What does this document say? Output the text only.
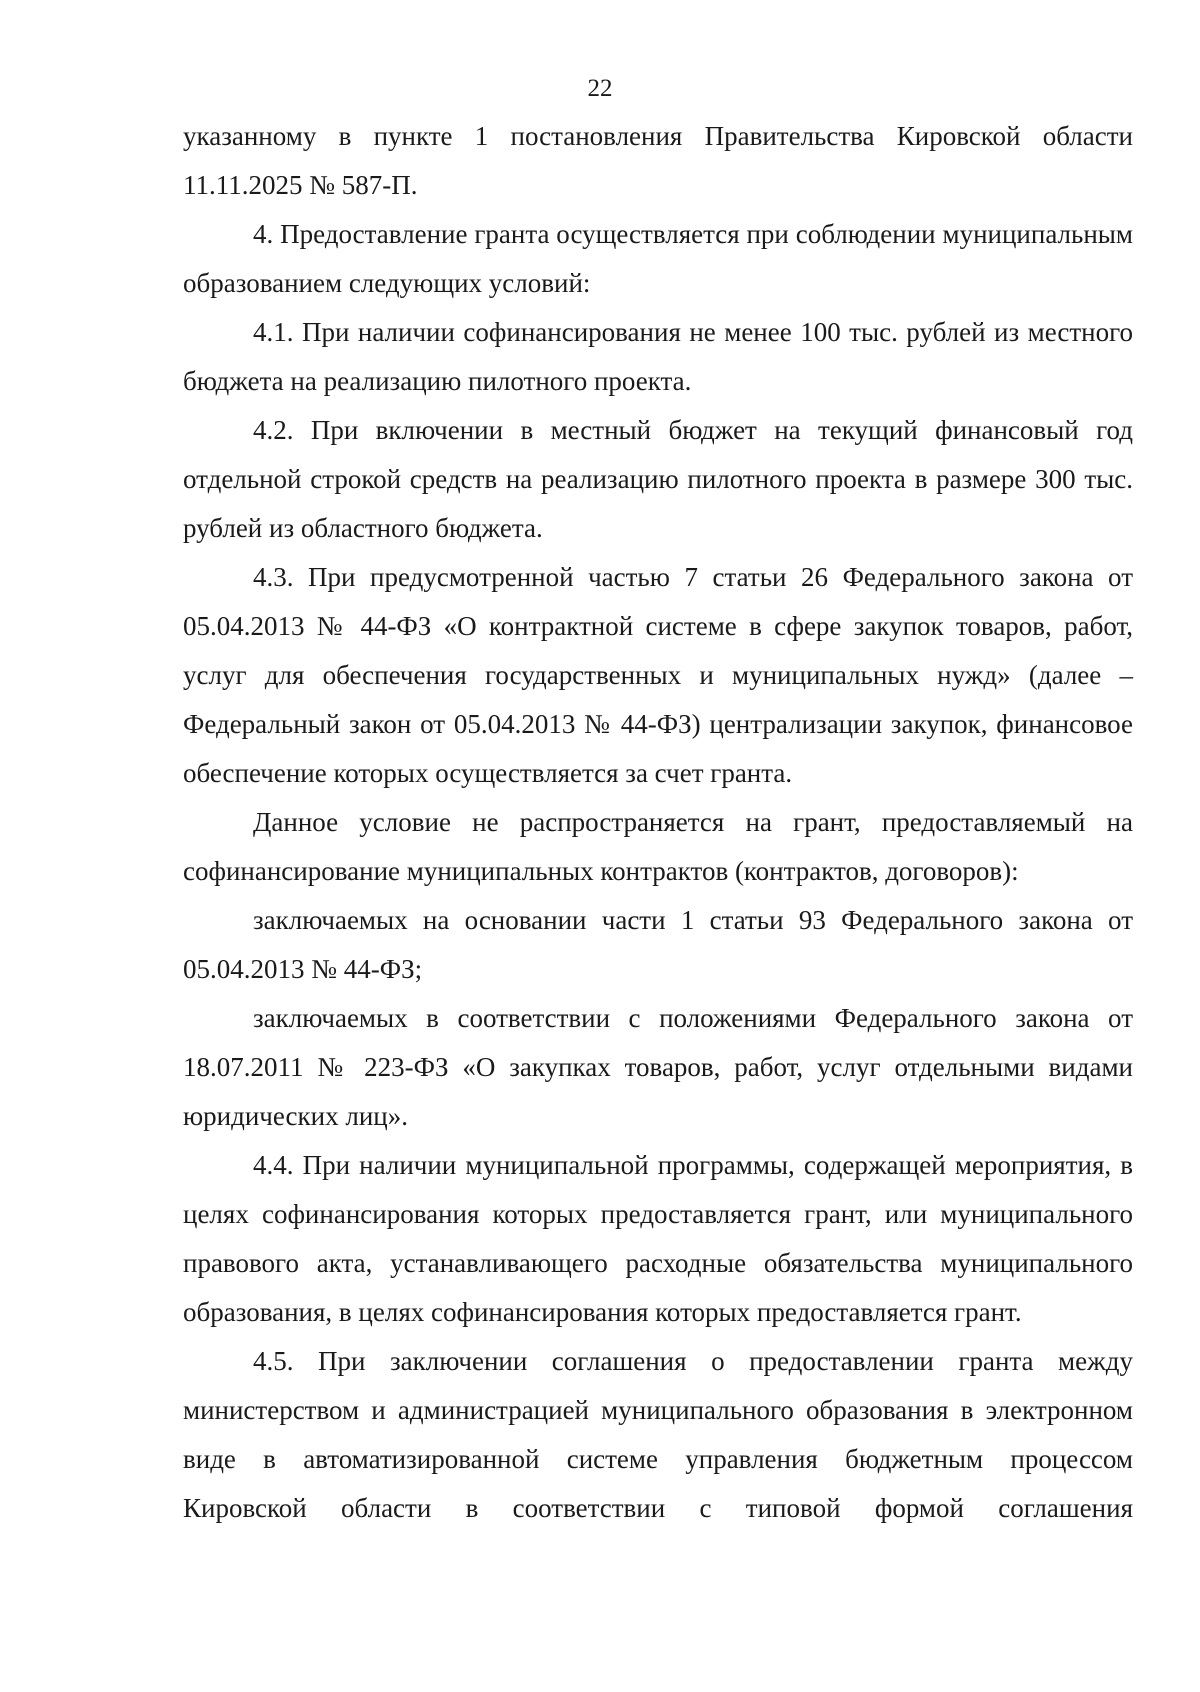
22

указанному в пункте 1 постановления Правительства Кировской области 11.11.2025 № 587-П.

4. Предоставление гранта осуществляется при соблюдении муниципальным образованием следующих условий:

4.1. При наличии софинансирования не менее 100 тыс. рублей из местного бюджета на реализацию пилотного проекта.

4.2. При включении в местный бюджет на текущий финансовый год отдельной строкой средств на реализацию пилотного проекта в размере 300 тыс. рублей из областного бюджета.

4.3. При предусмотренной частью 7 статьи 26 Федерального закона от 05.04.2013 № 44-ФЗ «О контрактной системе в сфере закупок товаров, работ, услуг для обеспечения государственных и муниципальных нужд» (далее – Федеральный закон от 05.04.2013 № 44-ФЗ) централизации закупок, финансовое обеспечение которых осуществляется за счет гранта.

Данное условие не распространяется на грант, предоставляемый на софинансирование муниципальных контрактов (контрактов, договоров):

заключаемых на основании части 1 статьи 93 Федерального закона от 05.04.2013 № 44-ФЗ;

заключаемых в соответствии с положениями Федерального закона от 18.07.2011 № 223-ФЗ «О закупках товаров, работ, услуг отдельными видами юридических лиц».

4.4. При наличии муниципальной программы, содержащей мероприятия, в целях софинансирования которых предоставляется грант, или муниципального правового акта, устанавливающего расходные обязательства муниципального образования, в целях софинансирования которых предоставляется грант.

4.5. При заключении соглашения о предоставлении гранта между министерством и администрацией муниципального образования в электронном виде в автоматизированной системе управления бюджетным процессом Кировской области в соответствии с типовой формой соглашения
